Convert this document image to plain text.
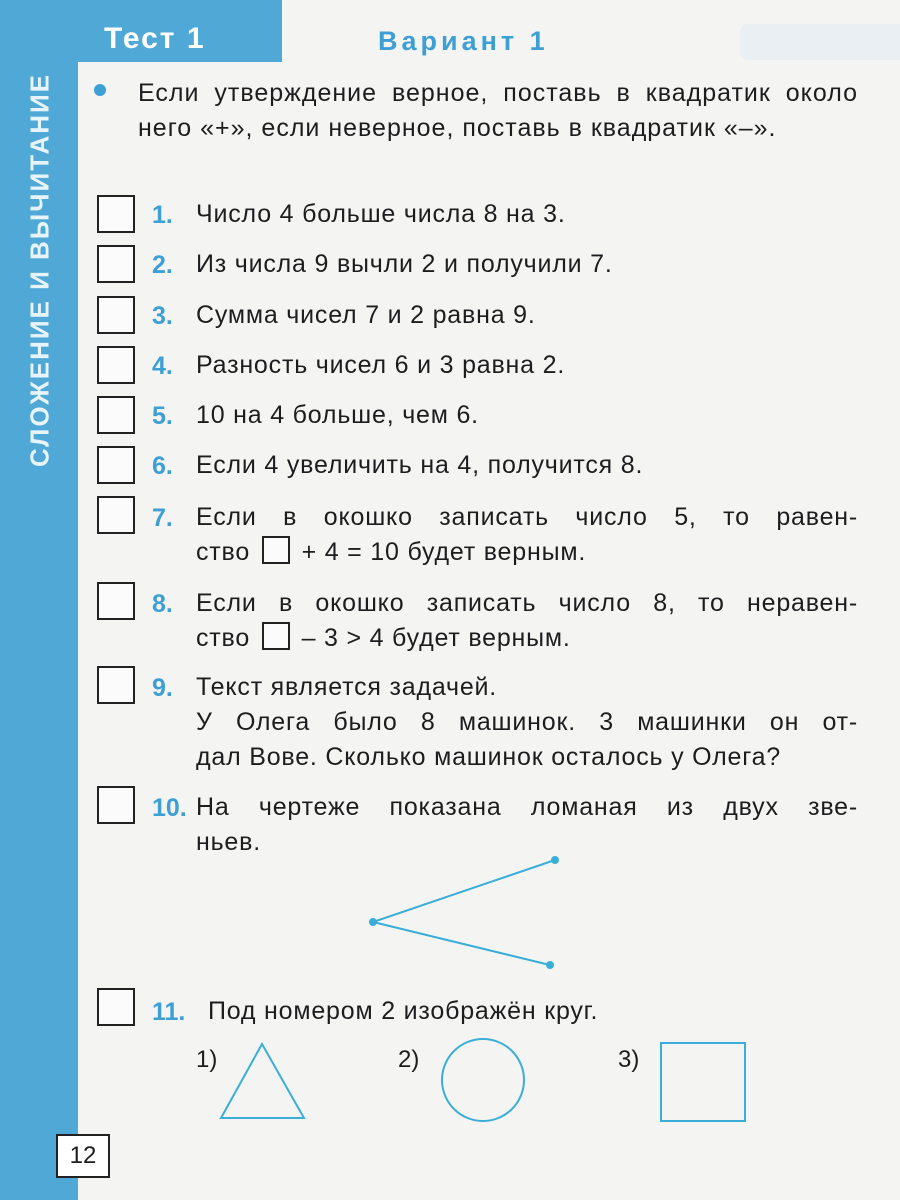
Тест 1	Вариант 1
СЛОЖЕНИЕ И ВЫЧИТАНИЕ	Если утверждение верное, поставь в квадратик около него «+», если неверное, поставь в квадратик «–».
1. Число 4 больше числа 8 на 3.
2. Из числа 9 вычли 2 и получили 7.
3. Сумма чисел 7 и 2 равна 9.
4. Разность чисел 6 и 3 равна 2.
5. 10 на 4 больше, чем 6.
6. Если 4 увеличить на 4, получится 8.
7. Если в окошко записать число 5, то равен-
ство + 4 = 10 будет верным.
8. Если в окошко записать число 8, то неравен-
ство – 3 > 4 будет верным.
9. Текст является задачей.
У Олега было 8 машинок. 3 машинки он от-
дал Вове. Сколько машинок осталось у Олега?
10. На чертеже показана ломаная из двух зве-
ньев.
11. Под номером 2 изображён круг.
1)	2)	3)
12
